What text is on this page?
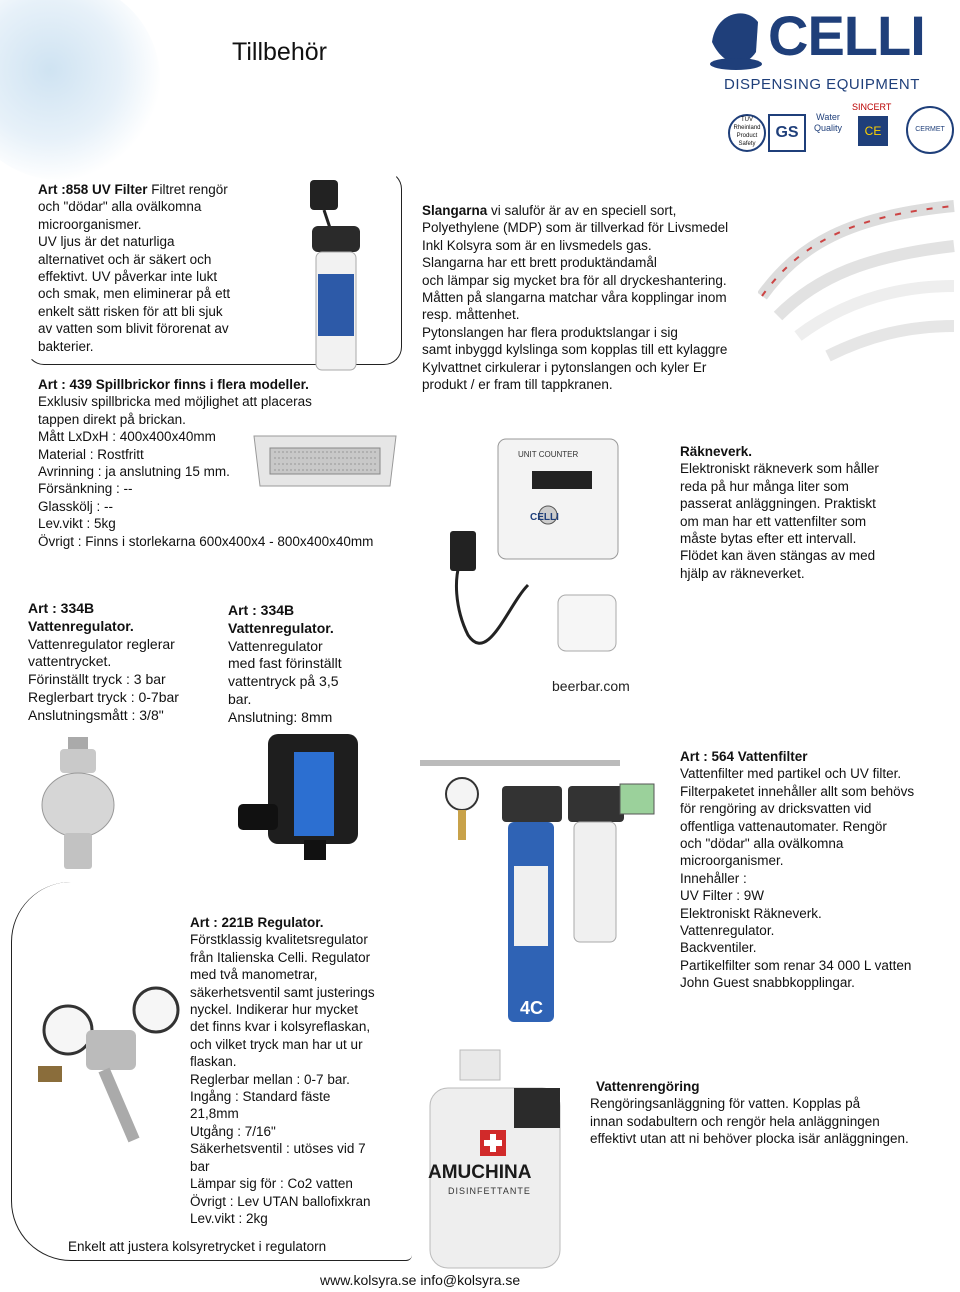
Tillbehör	CELLI
DISPENSING EQUIPMENT
TÜV Rheinland Product Safety
GS
Water Quality
SINCERT
CE	CERMET
Art :858 UV Filter Filtret rengör
och "dödar" alla ovälkomna
microorganismer.
UV ljus är det naturliga
alternativet och är säkert och
effektivt. UV påverkar inte lukt
och smak, men eliminerar på ett
enkelt sätt risken för att bli sjuk
av vatten som blivit förorenat av
bakterier.
Art : 439 Spillbrickor finns i flera modeller.
Exklusiv spillbricka med möjlighet att placeras
tappen direkt på brickan.
Mått LxDxH : 400x400x40mm
Material : Rostfritt
Avrinning : ja anslutning 15 mm.
Försänkning : --
Glasskölj : --
Lev.vikt : 5kg
Övrigt : Finns i storlekarna 600x400x4 - 800x400x40mm
Slangarna vi saluför är av en speciell sort,
Polyethylene (MDP) som är tillverkad för Livsmedel
Inkl Kolsyra som är en livsmedels gas.
Slangarna har ett brett produktändamål
och lämpar sig mycket bra för all dryckeshantering.
Måtten på slangarna matchar våra kopplingar inom
resp. måttenhet.
Pytonslangen har flera produktslangar i sig
samt inbyggd kylslinga som kopplas till ett kylaggre
Kylvattnet cirkulerar i pytonslangen och kyler Er
produkt / er fram till tappkranen.
UNIT COUNTER
CELLI
beerbar.com
Räkneverk.
Elektroniskt räkneverk som håller
reda på hur många liter som
passerat anläggningen. Praktiskt
om man har ett vattenfilter som
måste bytas efter ett intervall.
Flödet kan även stängas av med
hjälp av räkneverket.
Art : 334B
Vattenregulator.
Vattenregulator reglerar
vattentrycket.
Förinställt tryck : 3 bar
Reglerbart tryck : 0-7bar
Anslutningsmått : 3/8"
Art : 334B
Vattenregulator.
Vattenregulator
med fast förinställt
vattentryck på 3,5
bar.
Anslutning: 8mm
4C
Art : 564 Vattenfilter
Vattenfilter med partikel och UV filter.
Filterpaketet innehåller allt som behövs
för rengöring av dricksvatten vid
offentliga vattenautomater. Rengör
och "dödar" alla ovälkomna
microorganismer.
Innehåller :
UV Filter : 9W
Elektroniskt Räkneverk.
Vattenregulator.
Backventiler.
Partikelfilter som renar 34 000 L vatten
John Guest snabbkopplingar.
Art : 221B Regulator.
Förstklassig kvalitetsregulator
från Italienska Celli. Regulator
med två manometrar,
säkerhetsventil samt justerings
nyckel. Indikerar hur mycket
det finns kvar i kolsyreflaskan,
och vilket tryck man har ut ur
flaskan.
Reglerbar mellan : 0-7 bar.
Ingång : Standard fäste
21,8mm
Utgång : 7/16"
Säkerhetsventil : utöses vid 7
bar
Lämpar sig för : Co2 vatten
Övrigt : Lev UTAN ballofixkran
Lev.vikt : 2kg
Enkelt att justera kolsyretrycket i regulatorn
AMUCHINA
DISINFETTANTE
Vattenrengöring
Rengöringsanläggning för vatten. Kopplas på
innan sodabultern och rengör hela anläggningen
effektivt utan att ni behöver plocka isär anläggningen.
www.kolsyra.se info@kolsyra.se
